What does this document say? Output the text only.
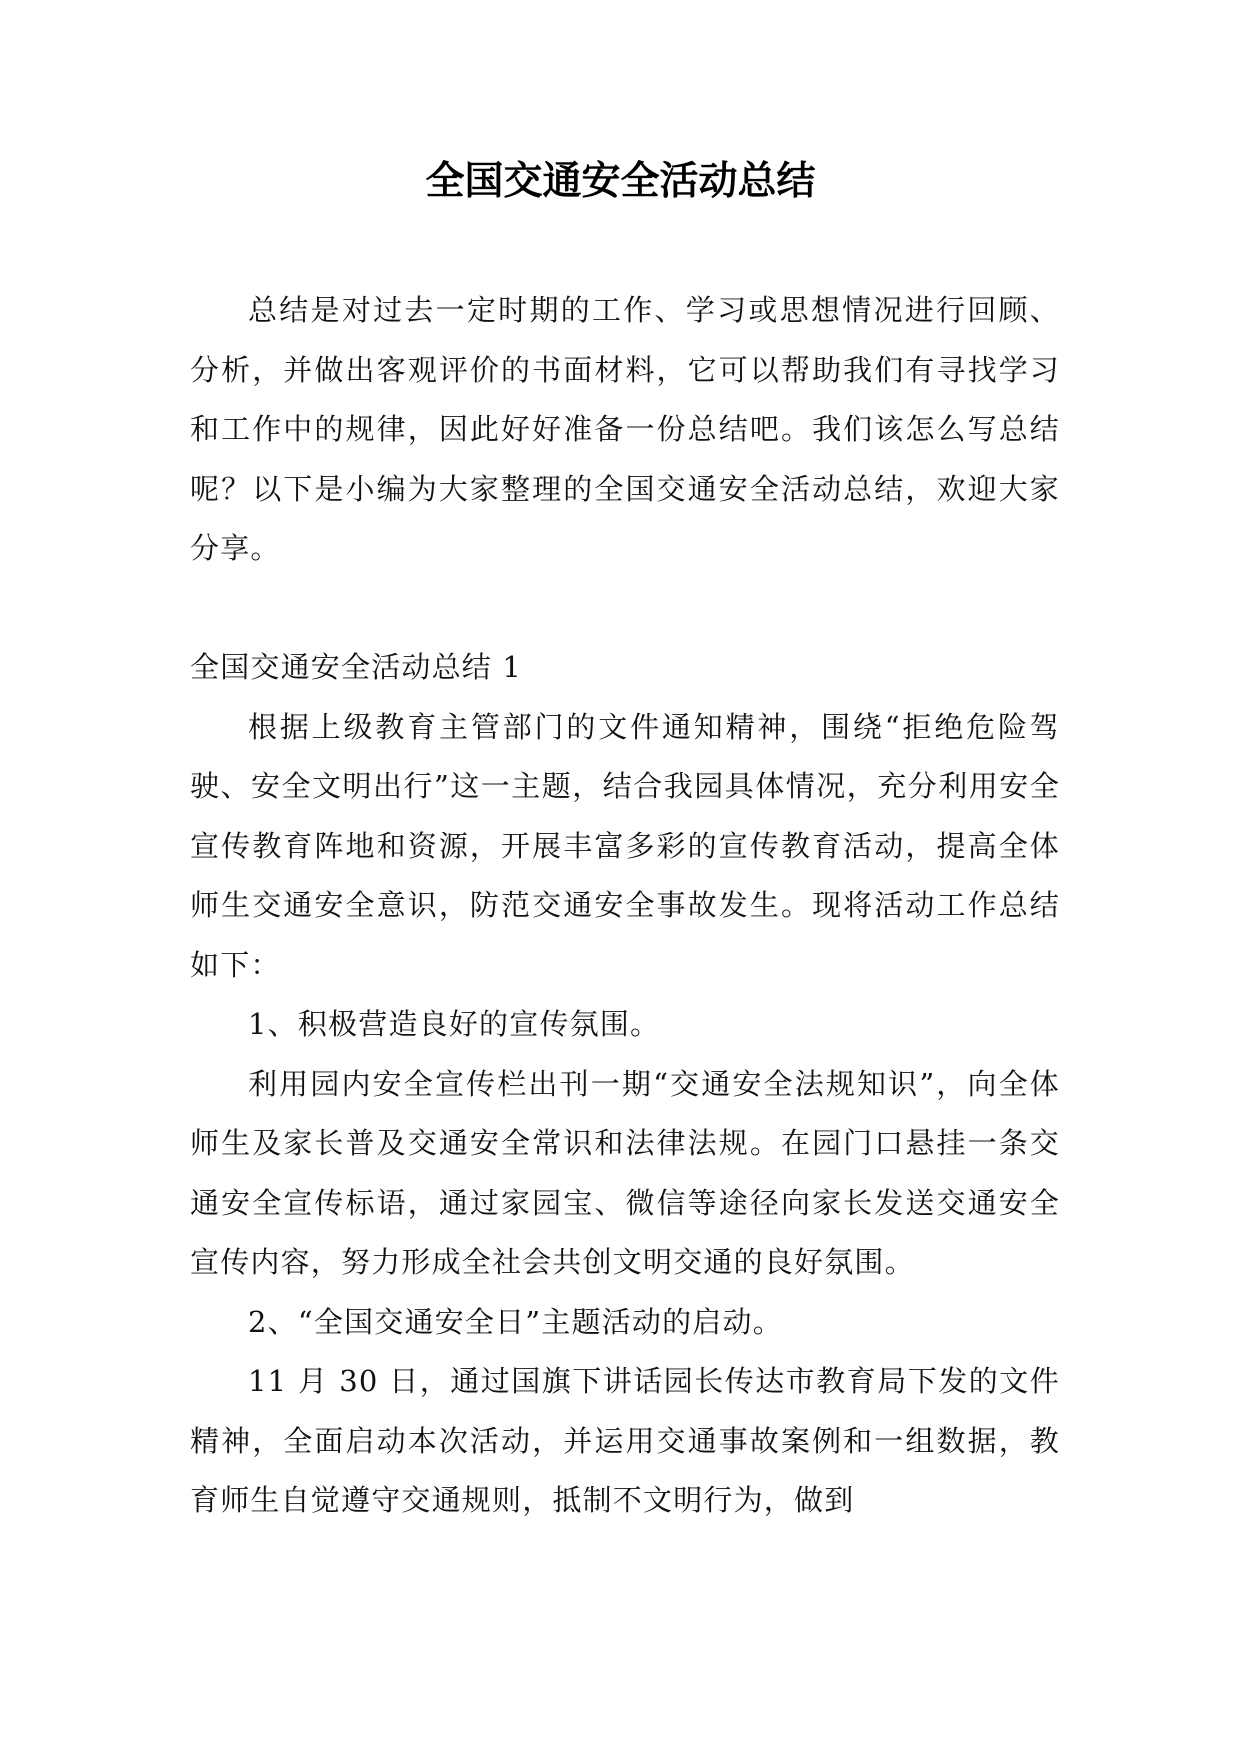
全国交通安全活动总结

总结是对过去一定时期的工作、学习或思想情况进行回顾、分析，并做出客观评价的书面材料，它可以帮助我们有寻找学习和工作中的规律，因此好好准备一份总结吧。我们该怎么写总结呢？以下是小编为大家整理的全国交通安全活动总结，欢迎大家分享。

全国交通安全活动总结 1

根据上级教育主管部门的文件通知精神，围绕“拒绝危险驾驶、安全文明出行”这一主题，结合我园具体情况，充分利用安全宣传教育阵地和资源，开展丰富多彩的宣传教育活动，提高全体师生交通安全意识，防范交通安全事故发生。现将活动工作总结如下：

1、积极营造良好的宣传氛围。

利用园内安全宣传栏出刊一期“交通安全法规知识”，向全体师生及家长普及交通安全常识和法律法规。在园门口悬挂一条交通安全宣传标语，通过家园宝、微信等途径向家长发送交通安全宣传内容，努力形成全社会共创文明交通的良好氛围。

2、“全国交通安全日”主题活动的启动。

11 月 30 日，通过国旗下讲话园长传达市教育局下发的文件精神，全面启动本次活动，并运用交通事故案例和一组数据，教育师生自觉遵守交通规则，抵制不文明行为，做到
